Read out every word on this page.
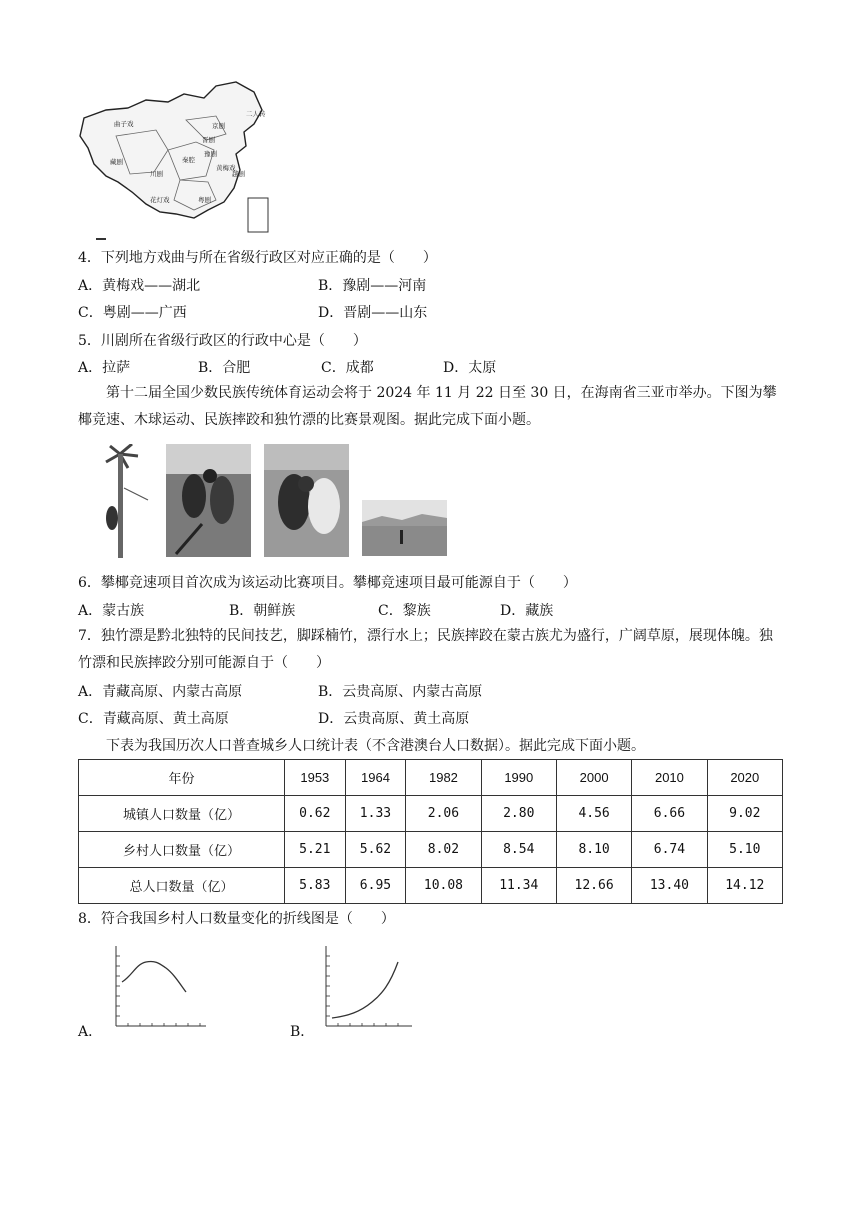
秦腔
晋剧
豫剧
黄梅戏
藏剧
川剧
花灯戏	粤剧
京剧
越剧
二人转
曲子戏
4．下列地方戏曲与所在省级行政区对应正确的是（　　）
A．黄梅戏——湖北	B．豫剧——河南
C．粤剧——广西	D．晋剧——山东
5．川剧所在省级行政区的行政中心是（　　）
A．拉萨	B．合肥	C．成都	D．太原
第十二届全国少数民族传统体育运动会将于 2024 年 11 月 22 日至 30 日，在海南省三亚市举办。下图为攀椰竞速、木球运动、民族摔跤和独竹漂的比赛景观图。据此完成下面小题。
6．攀椰竞速项目首次成为该运动比赛项目。攀椰竞速项目最可能源自于（　　）
A．蒙古族	B．朝鲜族	C．黎族	D．藏族
7．独竹漂是黔北独特的民间技艺，脚踩楠竹，漂行水上；民族摔跤在蒙古族尤为盛行，广阔草原，展现体魄。独竹漂和民族摔跤分别可能源自于（　　）
A．青藏高原、内蒙古高原	B．云贵高原、内蒙古高原
C．青藏高原、黄土高原	D．云贵高原、黄土高原
下表为我国历次人口普查城乡人口统计表（不含港澳台人口数据）。据此完成下面小题。
年份	1953	1964	1982	1990	2000	2010	2020
城镇人口数量（亿）	0.62	1.33	2.06	2.80	4.56	6.66	9.02
乡村人口数量（亿）	5.21	5.62	8.02	8.54	8.10	6.74	5.10
总人口数量（亿）	5.83	6.95	10.08	11.34	12.66	13.40	14.12
8．符合我国乡村人口数量变化的折线图是（　　）
A．	B．
